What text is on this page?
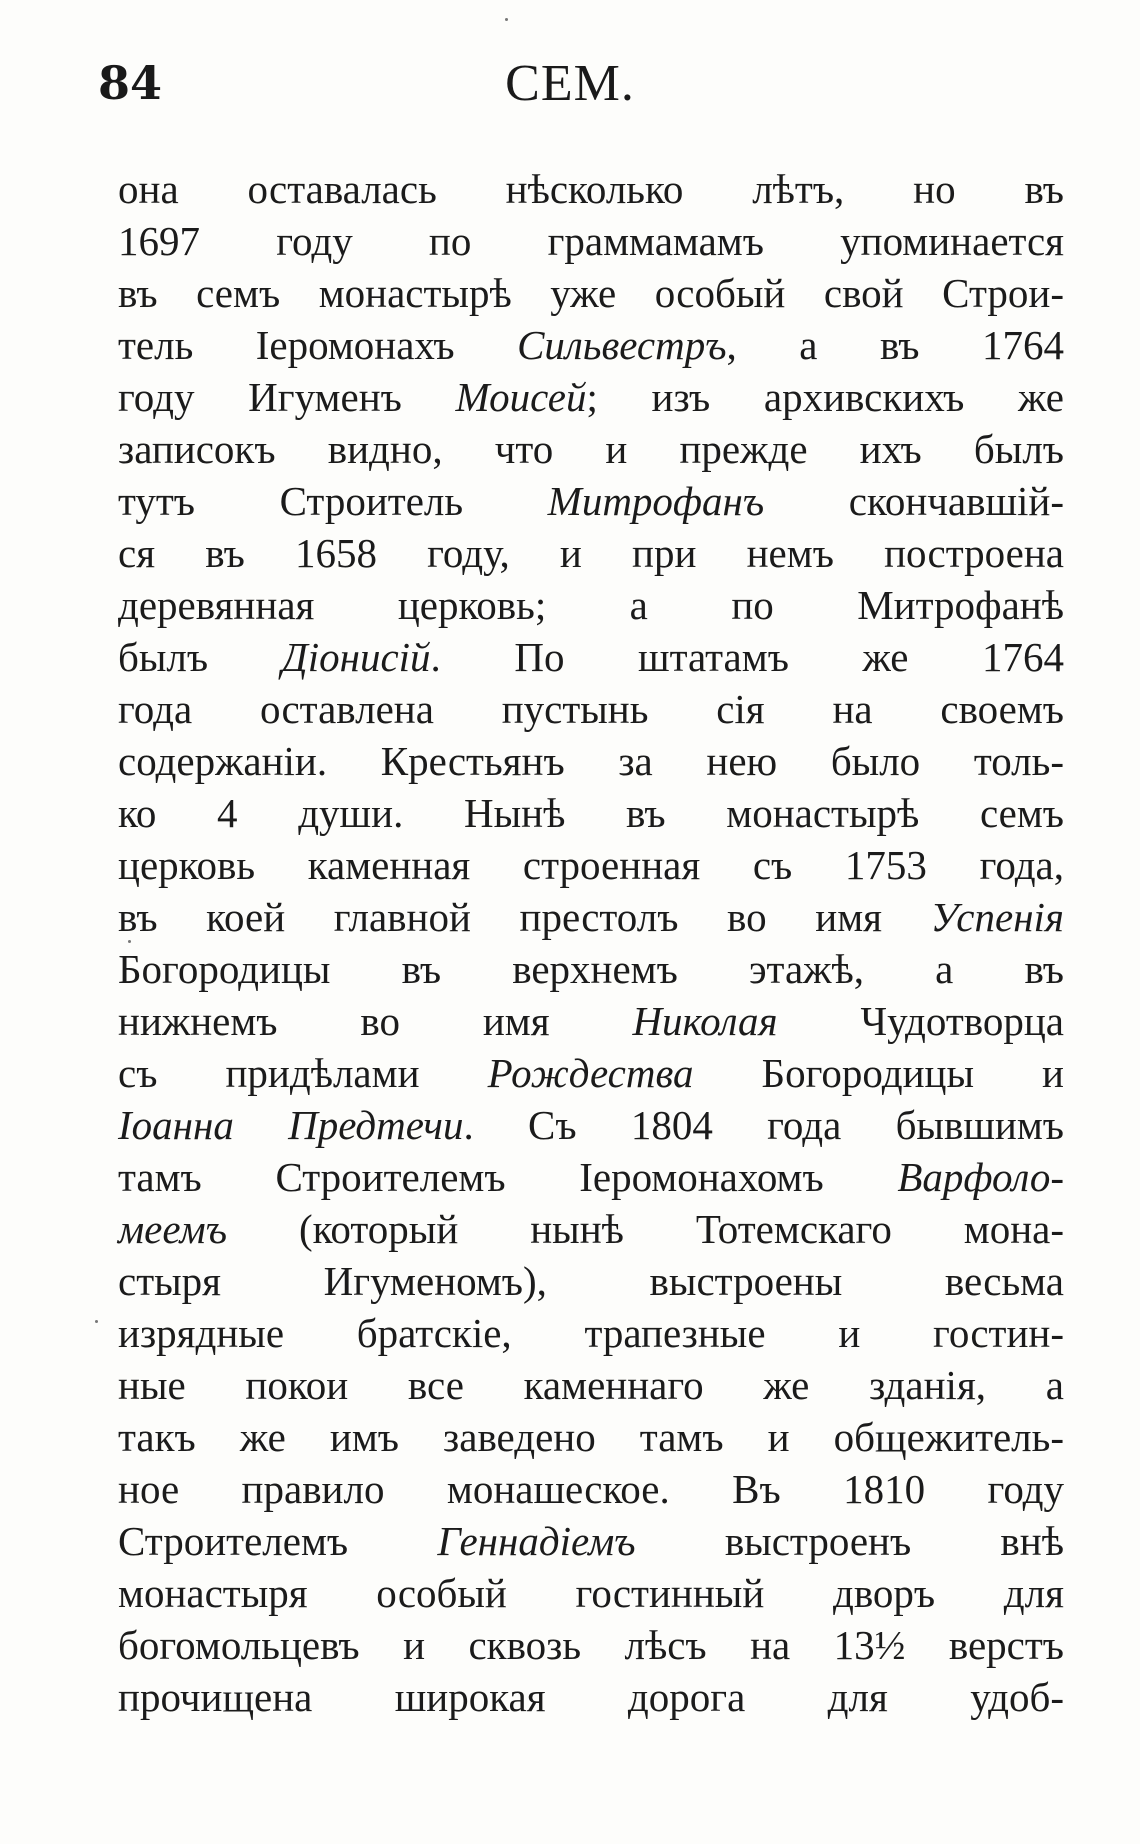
84	СЕМ.
она оставалась нѣсколько лѣтъ, но въ
1697 году по граммамамъ упоминается
въ семъ монастырѣ уже особый свой Строи-
тель Іеромонахъ Сильвестръ, а въ 1764
году Игуменъ Моисей; изъ архивскихъ же
записокъ видно, что и прежде ихъ былъ
тутъ Строитель Митрофанъ скончавшій-
ся въ 1658 году, и при немъ построена
деревянная церковь; а по Митрофанѣ
былъ Діонисій. По штатамъ же 1764
года оставлена пустынь сія на своемъ
содержаніи. Крестьянъ за нею было толь-
ко 4 души. Нынѣ въ монастырѣ семъ
церковь каменная строенная съ 1753 года,
въ коей главной престолъ во имя Успенія
Богородицы въ верхнемъ этажѣ, а въ
нижнемъ во имя Николая Чудотворца
съ придѣлами Рождества Богородицы и
Іоанна Предтечи. Съ 1804 года бывшимъ
тамъ Строителемъ Іеромонахомъ Варфоло-
меемъ (который нынѣ Тотемскаго мона-
стыря Игуменомъ), выстроены весьма
изрядные братскіе, трапезные и гостин-
ные покои все каменнаго же зданія, а
такъ же имъ заведено тамъ и общежитель-
ное правило монашеское. Въ 1810 году
Строителемъ Геннадіемъ выстроенъ внѣ
монастыря особый гостинный дворъ для
богомольцевъ и сквозь лѣсъ на 13½ верстъ
прочищена широкая дорога для удоб-
